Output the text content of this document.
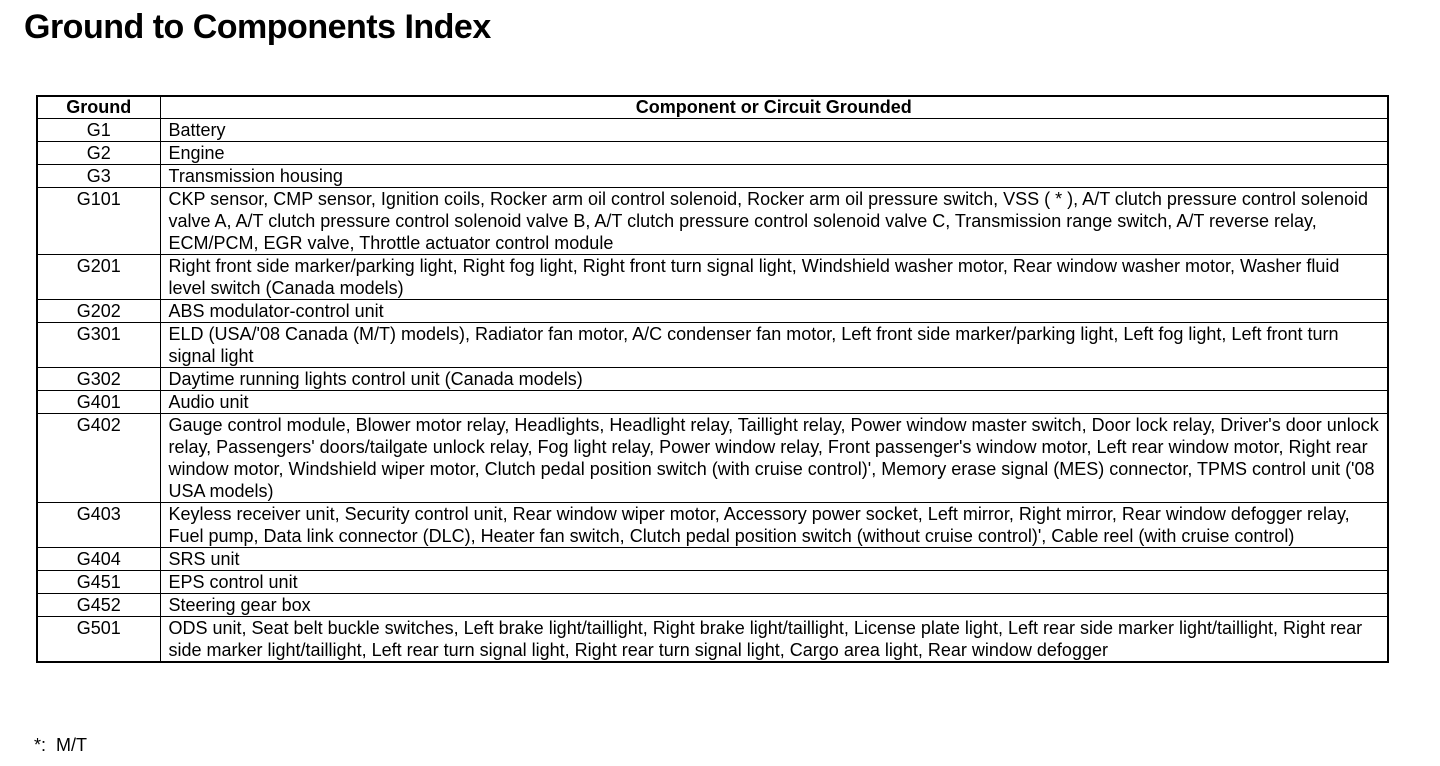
Ground to Components Index
Ground	Component or Circuit Grounded
G1	Battery
G2	Engine
G3	Transmission housing
G101	CKP sensor, CMP sensor, Ignition coils, Rocker arm oil control solenoid, Rocker arm oil pressure switch, VSS ( * ), A/T clutch pressure control solenoid valve A, A/T clutch pressure control solenoid valve B, A/T clutch pressure control solenoid valve C, Transmission range switch, A/T reverse relay, ECM/PCM, EGR valve, Throttle actuator control module
G201	Right front side marker/parking light, Right fog light, Right front turn signal light, Windshield washer motor, Rear window washer motor, Washer fluid level switch (Canada models)
G202	ABS modulator-control unit
G301	ELD (USA/'08 Canada (M/T) models), Radiator fan motor, A/C condenser fan motor, Left front side marker/parking light, Left fog light, Left front turn signal light
G302	Daytime running lights control unit (Canada models)
G401	Audio unit
G402	Gauge control module, Blower motor relay, Headlights, Headlight relay, Taillight relay, Power window master switch, Door lock relay, Driver's door unlock relay, Passengers' doors/tailgate unlock relay, Fog light relay, Power window relay, Front passenger's window motor, Left rear window motor, Right rear window motor, Windshield wiper motor, Clutch pedal position switch (with cruise control)', Memory erase signal (MES) connector, TPMS control unit ('08 USA models)
G403	Keyless receiver unit, Security control unit, Rear window wiper motor, Accessory power socket, Left mirror, Right mirror, Rear window defogger relay, Fuel pump, Data link connector (DLC), Heater fan switch, Clutch pedal position switch (without cruise control)', Cable reel (with cruise control)
G404	SRS unit
G451	EPS control unit
G452	Steering gear box
G501	ODS unit, Seat belt buckle switches, Left brake light/taillight, Right brake light/taillight, License plate light, Left rear side marker light/taillight, Right rear side marker light/taillight, Left rear turn signal light, Right rear turn signal light, Cargo area light, Rear window defogger
*:  M/T
